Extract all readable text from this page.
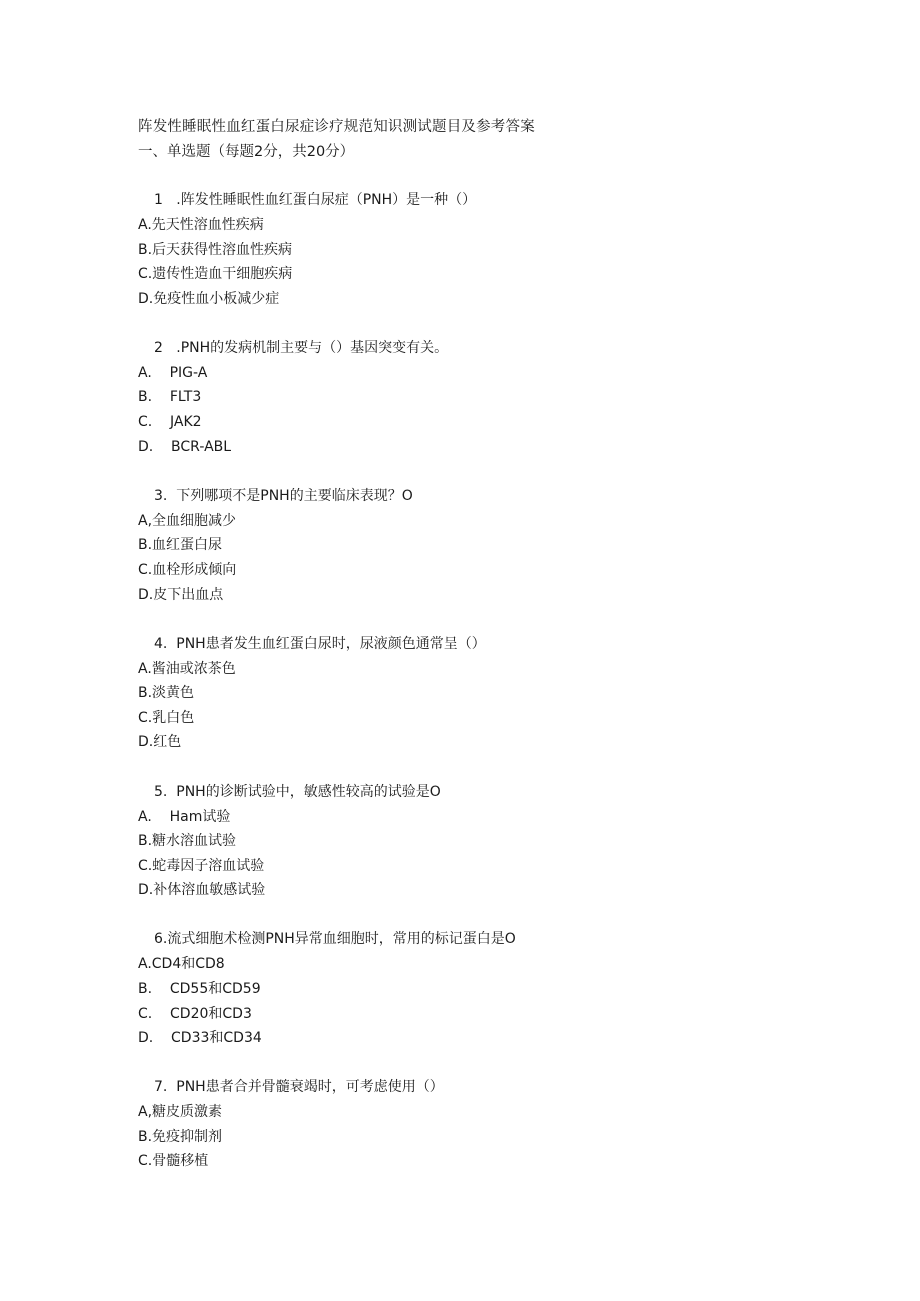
阵发性睡眠性血红蛋白尿症诊疗规范知识测试题目及参考答案
一、单选题（每题2分，共20分）
1   .阵发性睡眠性血红蛋白尿症（PNH）是一种（）
A.先天性溶血性疾病
B.后天获得性溶血性疾病
C.遗传性造血干细胞疾病
D.免疫性血小板减少症
2   .PNH的发病机制主要与（）基因突变有关。
A.    PIG-A
B.    FLT3
C.    JAK2
D.    BCR-ABL
3.  下列哪项不是PNH的主要临床表现？O
A,全血细胞减少
B.血红蛋白尿
C.血栓形成倾向
D.皮下出血点
4.  PNH患者发生血红蛋白尿时，尿液颜色通常呈（）
A.酱油或浓茶色
B.淡黄色
C.乳白色
D.红色
5.  PNH的诊断试验中，敏感性较高的试验是O
A.    Ham试验
B.糖水溶血试验
C.蛇毒因子溶血试验
D.补体溶血敏感试验
6.流式细胞术检测PNH异常血细胞时，常用的标记蛋白是O
A.CD4和CD8
B.    CD55和CD59
C.    CD20和CD3
D.    CD33和CD34
7.  PNH患者合并骨髓衰竭时，可考虑使用（）
A,糖皮质激素
B.免疫抑制剂
C.骨髓移植
